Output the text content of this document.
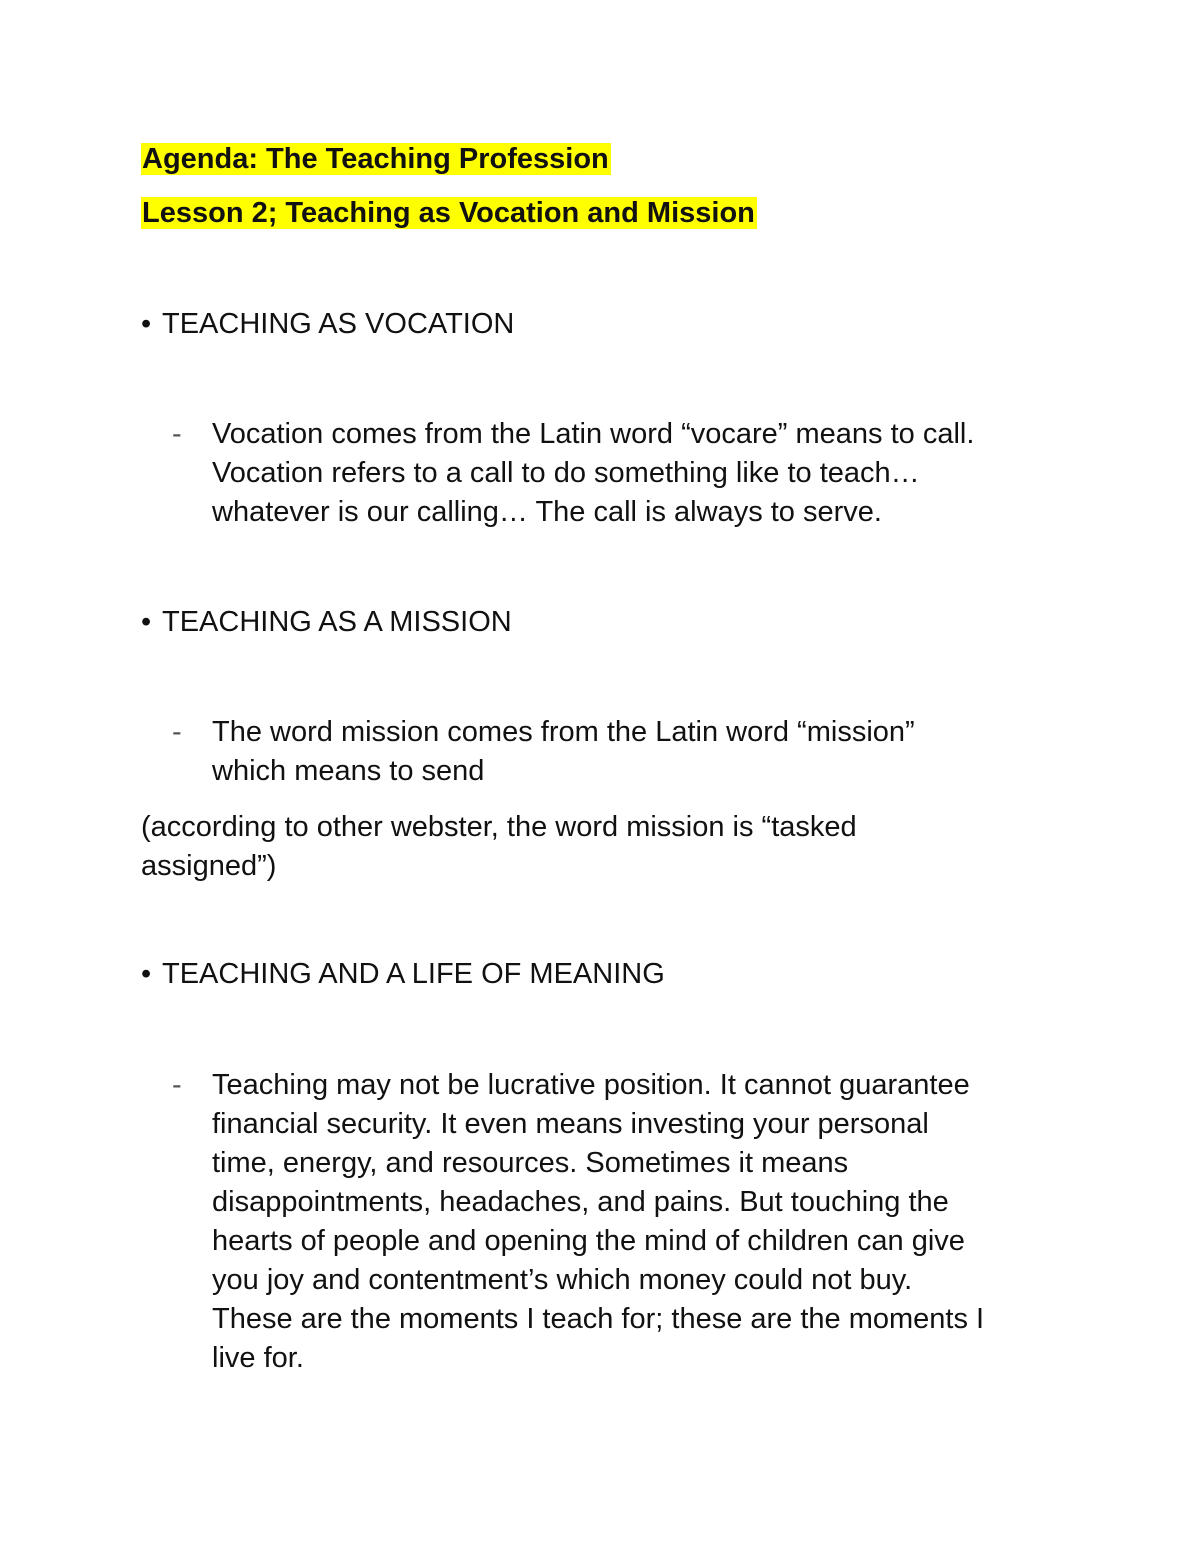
Agenda: The Teaching Profession
Lesson 2; Teaching as Vocation and Mission
• TEACHING AS VOCATION
-	Vocation comes from the Latin word “vocare” means to call.
Vocation refers to a call to do something like to teach…
whatever is our calling… The call is always to serve.
• TEACHING AS A MISSION
-	The word mission comes from the Latin word “mission”
which means to send
(according to other webster, the word mission is “tasked
assigned”)
• TEACHING AND A LIFE OF MEANING
-	Teaching may not be lucrative position. It cannot guarantee
financial security. It even means investing your personal
time, energy, and resources. Sometimes it means
disappointments, headaches, and pains. But touching the
hearts of people and opening the mind of children can give
you joy and contentment’s which money could not buy.
These are the moments I teach for; these are the moments I
live for.
